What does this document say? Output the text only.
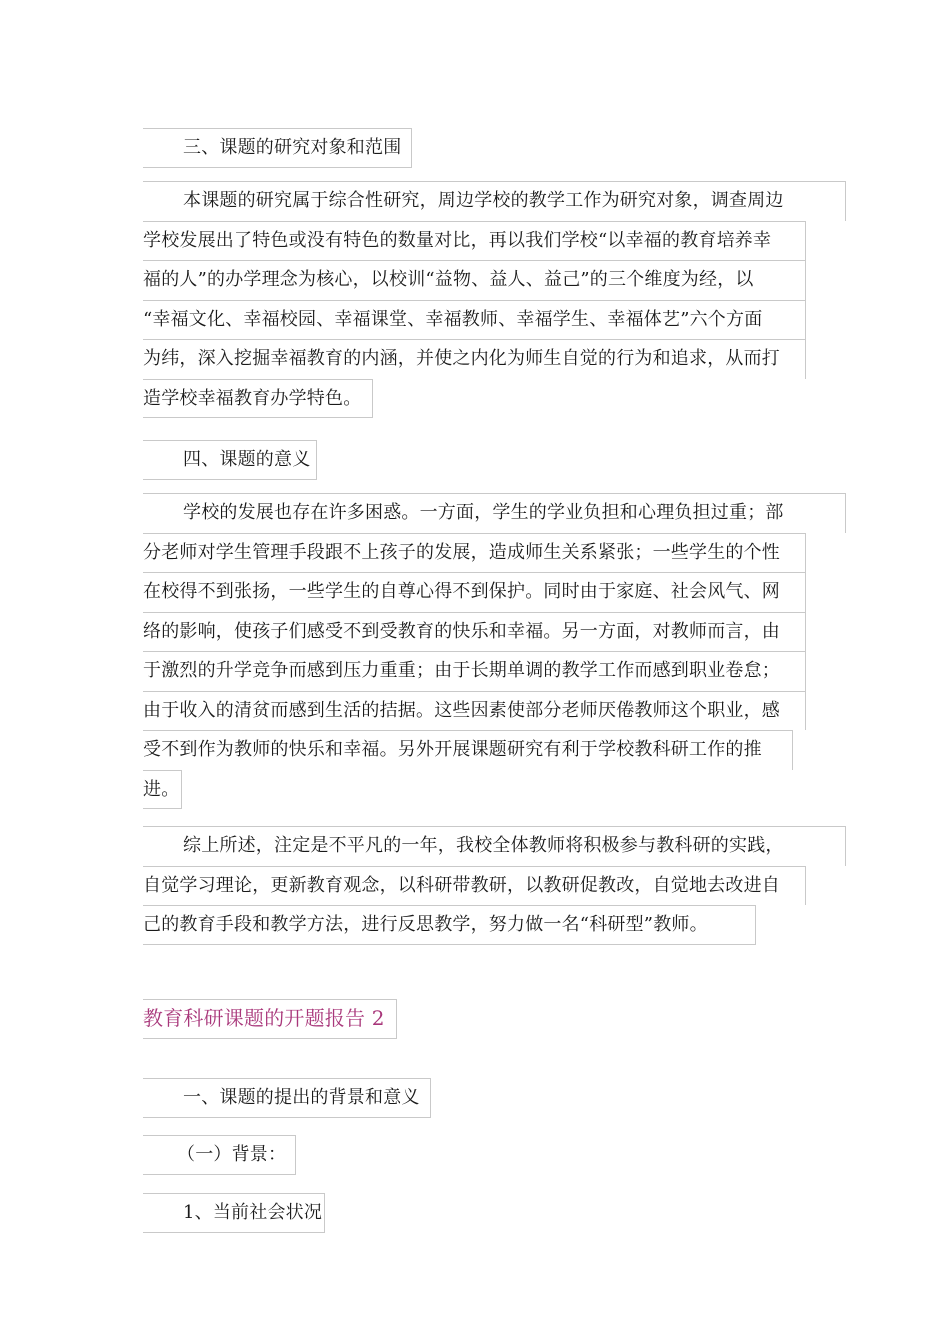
三、课题的研究对象和范围
本课题的研究属于综合性研究，周边学校的教学工作为研究对象，调查周边
学校发展出了特色或没有特色的数量对比，再以我们学校“以幸福的教育培养幸
福的人”的办学理念为核心，以校训“益物、益人、益己”的三个维度为经，以
“幸福文化、幸福校园、幸福课堂、幸福教师、幸福学生、幸福体艺”六个方面
为纬，深入挖掘幸福教育的内涵，并使之内化为师生自觉的行为和追求，从而打
造学校幸福教育办学特色。
四、课题的意义
学校的发展也存在许多困惑。一方面，学生的学业负担和心理负担过重；部
分老师对学生管理手段跟不上孩子的发展，造成师生关系紧张；一些学生的个性
在校得不到张扬，一些学生的自尊心得不到保护。同时由于家庭、社会风气、网
络的影响，使孩子们感受不到受教育的快乐和幸福。另一方面，对教师而言，由
于激烈的升学竞争而感到压力重重；由于长期单调的教学工作而感到职业卷怠；
由于收入的清贫而感到生活的拮据。这些因素使部分老师厌倦教师这个职业，感
受不到作为教师的快乐和幸福。另外开展课题研究有利于学校教科研工作的推
进。
综上所述，注定是不平凡的一年，我校全体教师将积极参与教科研的实践，
自觉学习理论，更新教育观念，以科研带教研，以教研促教改，自觉地去改进自
己的教育手段和教学方法，进行反思教学，努力做一名“科研型”教师。
教育科研课题的开题报告 2
一、课题的提出的背景和意义
（一）背景：
1、当前社会状况
